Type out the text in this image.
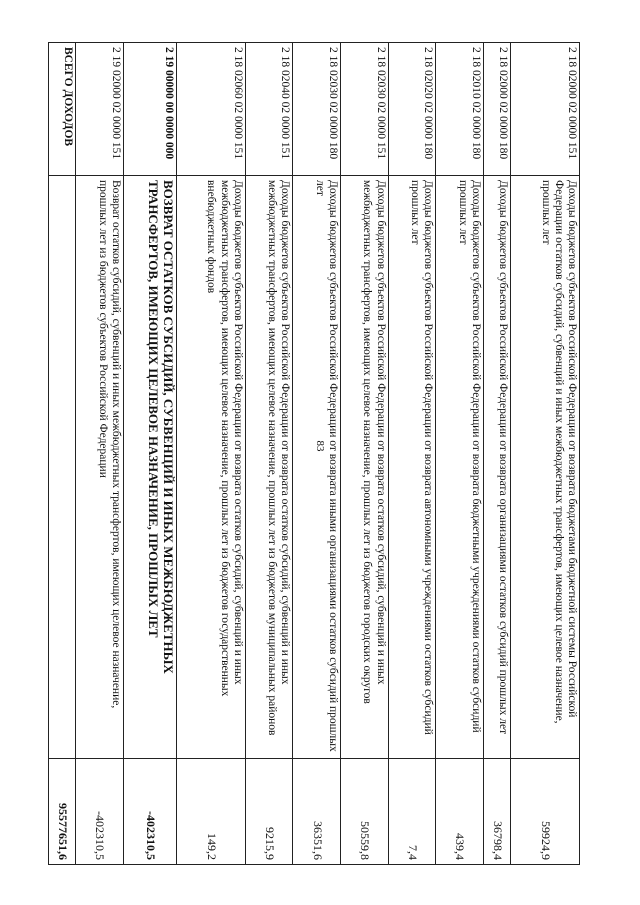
83
2 18 02000 02 0000 151	Доходы бюджетов субъектов Российской Федерации от возврата бюджетами бюджетной системы Российской Федерации остатков субсидий, субвенций и иных межбюджетных трансфертов, имеющих целевое назначение, прошлых лет	59924,9
2 18 02000 02 0000 180	Доходы бюджетов субъектов Российской Федерации от возврата организациями остатков субсидий прошлых лет	36798,4
2 18 02010 02 0000 180	Доходы бюджетов субъектов Российской Федерации от возврата бюджетными учреждениями остатков субсидий прошлых лет	439,4
2 18 02020 02 0000 180	Доходы бюджетов субъектов Российской Федерации от возврата автономными учреждениями остатков субсидий прошлых лет	7,4
2 18 02030 02 0000 151	Доходы бюджетов субъектов Российской Федерации от возврата остатков субсидий, субвенций и иных межбюджетных трансфертов, имеющих целевое назначение, прошлых лет из бюджетов городских округов	50559,8
2 18 02030 02 0000 180	Доходы бюджетов субъектов Российской Федерации от возврата иными организациями остатков субсидий прошлых лет	36351,6
2 18 02040 02 0000 151	Доходы бюджетов субъектов Российской Федерации от возврата остатков субсидий, субвенций и иных межбюджетных трансфертов, имеющих целевое назначение, прошлых лет из бюджетов муниципальных районов	9215,9
2 18 02060 02 0000 151	Доходы бюджетов субъектов Российской Федерации от возврата остатков субсидий, субвенций и иных межбюджетных трансфертов, имеющих целевое назначение, прошлых лет из бюджетов государственных внебюджетных фондов	149,2
2 19 00000 00 0000 000	ВОЗВРАТ ОСТАТКОВ СУБСИДИЙ, СУБВЕНЦИЙ И ИНЫХ МЕЖБЮДЖЕТНЫХ ТРАНСФЕРТОВ, ИМЕЮЩИХ ЦЕЛЕВОЕ НАЗНАЧЕНИЕ, ПРОШЛЫХ ЛЕТ	-402310,5
2 19 02000 02 0000 151	Возврат остатков субсидий, субвенций и иных межбюджетных трансфертов, имеющих целевое назначение, прошлых лет из бюджетов субъектов Российской Федерации	-402310,5
ВСЕГО ДОХОДОВ		95577651,6
